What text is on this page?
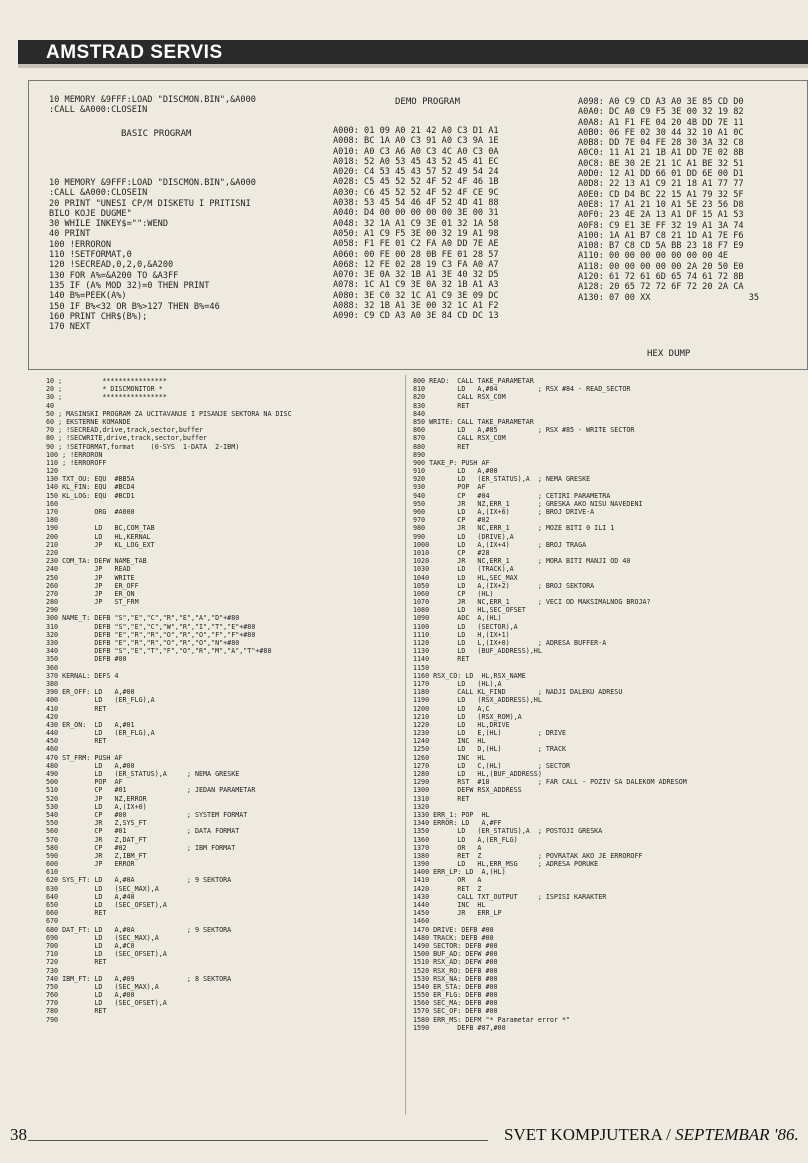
AMSTRAD SERVIS
10 MEMORY &9FFF:LOAD "DISCMON.BIN",&A000
:CALL &A000:CLOSEIN
BASIC PROGRAM
10 MEMORY &9FFF:LOAD "DISCMON.BIN",&A000
:CALL &A000:CLOSEIN
20 PRINT "UNESI CP/M DISKETU I PRITISNI
BILO KOJE DUGME"
30 WHILE INKEY$="":WEND
40 PRINT
100 !ERRORON
110 !SETFORMAT,0
120 !SECREAD,0,2,0,&A200
130 FOR A%=&A200 TO &A3FF
135 IF (A% MOD 32)=0 THEN PRINT
140 B%=PEEK(A%)
150 IF B%<32 OR B%>127 THEN B%=46
160 PRINT CHR$(B%);
170 NEXT
DEMO PROGRAM
A000: 01 09 A0 21 42 A0 C3 D1 A1
A008: BC 1A A0 C3 91 A0 C3 9A 1E
A010: A0 C3 A6 A0 C3 4C A0 C3 0A
A018: 52 A0 53 45 43 52 45 41 EC
A020: C4 53 45 43 57 52 49 54 24
A028: C5 45 52 52 4F 52 4F 46 1B
A030: C6 45 52 52 4F 52 4F CE 9C
A038: 53 45 54 46 4F 52 4D 41 88
A040: D4 00 00 00 00 00 3E 00 31
A048: 32 1A A1 C9 3E 01 32 1A 58
A050: A1 C9 F5 3E 00 32 19 A1 98
A058: F1 FE 01 C2 FA A0 DD 7E AE
A060: 00 FE 00 28 0B FE 01 28 57
A068: 12 FE 02 28 19 C3 FA A0 A7
A070: 3E 0A 32 1B A1 3E 40 32 D5
A078: 1C A1 C9 3E 0A 32 1B A1 A3
A080: 3E C0 32 1C A1 C9 3E 09 DC
A088: 32 1B A1 3E 00 32 1C A1 F2
A090: C9 CD A3 A0 3E 84 CD DC 13
A098: A0 C9 CD A3 A0 3E 85 CD D0
A0A0: DC A0 C9 F5 3E 00 32 19 82
A0A8: A1 F1 FE 04 20 4B DD 7E 11
A0B0: 06 FE 02 30 44 32 10 A1 0C
A0B8: DD 7E 04 FE 28 30 3A 32 C8
A0C0: 11 A1 21 1B A1 DD 7E 02 8B
A0C8: BE 30 2E 21 1C A1 BE 32 51
A0D0: 12 A1 DD 66 01 DD 6E 00 D1
A0D8: 22 13 A1 C9 21 18 A1 77 77
A0E0: CD D4 BC 22 15 A1 79 32 5F
A0E8: 17 A1 21 10 A1 5E 23 56 D8
A0F0: 23 4E 2A 13 A1 DF 15 A1 53
A0F8: C9 E1 3E FF 32 19 A1 3A 74
A100: 1A A1 B7 C8 21 1D A1 7E F6
A108: B7 C8 CD 5A BB 23 18 F7 E9
A110: 00 00 00 00 00 00 00 4E
A118: 00 00 00 00 00 2A 20 50 E0
A120: 61 72 61 6D 65 74 61 72 8B
A128: 20 65 72 72 6F 72 20 2A CA
A130: 07 00 XX                   35
HEX DUMP
10 ;          ****************
20 ;          * DISCMONITOR *
30 ;          ****************
40
50 ; MASINSKI PROGRAM ZA UCITAVANJE I PISANJE SEKTORA NA DISC
60 ; EKSTERNE KOMANDE
70 ; !SECREAD,drive,track,sector,buffer
80 ; !SECWRITE,drive,track,sector,buffer
90 ; !SETFORMAT,format    (0-SYS  1-DATA  2-IBM)
100 ; !ERRORON
110 ; !ERROROFF
120
130 TXT_OU: EQU  #BB5A
140 KL_FIN: EQU  #BCD4
150 KL_LOG: EQU  #BCD1
160
170         ORG  #A000
180
190         LD   BC,COM_TAB
200         LD   HL,KERNAL
210         JP   KL_LOG_EXT
220
230 COM_TA: DEFW NAME_TAB
240         JP   READ
250         JP   WRITE
260         JP   ER_OFF
270         JP   ER_ON
280         JP   ST_FRM
290
300 NAME_T: DEFB "S","E","C","R","E","A","D"+#80
310         DEFB "S","E","C","W","R","I","T","E"+#80
320         DEFB "E","R","R","O","R","O","F","F"+#80
330         DEFB "E","R","R","O","R","O","N"+#80
340         DEFB "S","E","T","F","O","R","M","A","T"+#80
350         DEFB #00
360
370 KERNAL: DEFS 4
380
390 ER_OFF: LD   A,#00
400         LD   (ER_FLG),A
410         RET
420
430 ER_ON:  LD   A,#01
440         LD   (ER_FLG),A
450         RET
460
470 ST_FRM: PUSH AF
480         LD   A,#00
490         LD   (ER_STATUS),A     ; NEMA GRESKE
500         POP  AF
510         CP   #01               ; JEDAN PARAMETAR
520         JP   NZ,ERROR
530         LD   A,(IX+0)
540         CP   #00               ; SYSTEM FORMAT
550         JR   Z,SYS_FT
560         CP   #01               ; DATA FORMAT
570         JR   Z,DAT_FT
580         CP   #02               ; IBM FORMAT
590         JR   Z,IBM_FT
600         JP   ERROR
610
620 SYS_FT: LD   A,#0A             ; 9 SEKTORA
630         LD   (SEC_MAX),A
640         LD   A,#40
650         LD   (SEC_OFSET),A
660         RET
670
680 DAT_FT: LD   A,#0A             ; 9 SEKTORA
690         LD   (SEC_MAX),A
700         LD   A,#C0
710         LD   (SEC_OFSET),A
720         RET
730
740 IBM_FT: LD   A,#09             ; 8 SEKTORA
750         LD   (SEC_MAX),A
760         LD   A,#00
770         LD   (SEC_OFSET),A
780         RET
790
800 READ:  CALL TAKE_PARAMETAR
810        LD   A,#84          ; RSX #84 - READ_SECTOR
820        CALL RSX_COM
830        RET
840
850 WRITE: CALL TAKE_PARAMETAR
860        LD   A,#85          ; RSX #85 - WRITE SECTOR
870        CALL RSX_COM
880        RET
890
900 TAKE_P: PUSH AF
910        LD   A,#00
920        LD   (ER_STATUS),A  ; NEMA GRESKE
930        POP  AF
940        CP   #04            ; CETIRI PARAMETRA
950        JR   NZ,ERR_1       ; GRESKA AKO NISU NAVEDENI
960        LD   A,(IX+6)       ; BROJ DRIVE-A
970        CP   #02
980        JR   NC,ERR_1       ; MOZE BITI 0 ILI 1
990        LD   (DRIVE),A
1000       LD   A,(IX+4)       ; BROJ TRAGA
1010       CP   #28
1020       JR   NC,ERR_1       ; MORA BITI MANJI OD 40
1030       LD   (TRACK),A
1040       LD   HL,SEC_MAX
1050       LD   A,(IX+2)       ; BROJ SEKTORA
1060       CP   (HL)
1070       JR   NC,ERR_1       ; VECI OD MAKSIMALNOG BROJA?
1080       LD   HL,SEC_OFSET
1090       ADC  A,(HL)
1100       LD   (SECTOR),A
1110       LD   H,(IX+1)
1120       LD   L,(IX+0)       ; ADRESA BUFFER-A
1130       LD   (BUF_ADDRESS),HL
1140       RET
1150
1160 RSX_CO: LD  HL,RSX_NAME
1170       LD   (HL),A
1180       CALL KL_FIND        ; NADJI DALEKU ADRESU
1190       LD   (RSX_ADDRESS),HL
1200       LD   A,C
1210       LD   (RSX_ROM),A
1220       LD   HL,DRIVE
1230       LD   E,(HL)         ; DRIVE
1240       INC  HL
1250       LD   D,(HL)         ; TRACK
1260       INC  HL
1270       LD   C,(HL)         ; SECTOR
1280       LD   HL,(BUF_ADDRESS)
1290       RST  #18            ; FAR CALL - POZIV SA DALEKOM ADRESOM
1300       DEFW RSX_ADDRESS
1310       RET
1320
1330 ERR_1: POP  HL
1340 ERROR: LD   A,#FF
1350       LD   (ER_STATUS),A  ; POSTOJI GRESKA
1360       LD   A,(ER_FLG)
1370       OR   A
1380       RET  Z              ; POVRATAK AKO JE ERROROFF
1390       LD   HL,ERR_MSG     ; ADRESA PORUKE
1400 ERR_LP: LD  A,(HL)
1410       OR   A
1420       RET  Z
1430       CALL TXT_OUTPUT     ; ISPISI KARAKTER
1440       INC  HL
1450       JR   ERR_LP
1460
1470 DRIVE: DEFB #00
1480 TRACK: DEFB #00
1490 SECTOR: DEFB #00
1500 BUF_AD: DEFW #00
1510 RSX_AD: DEFW #00
1520 RSX_RO: DEFB #00
1530 RSX_NA: DEFB #00
1540 ER_STA: DEFB #00
1550 ER_FLG: DEFB #00
1560 SEC_MA: DEFB #00
1570 SEC_OF: DEFB #00
1580 ERR_MS: DEFM "* Parametar error *"
1590       DEFB #07,#00
38	SVET KOMPJUTERA / SEPTEMBAR '86.
